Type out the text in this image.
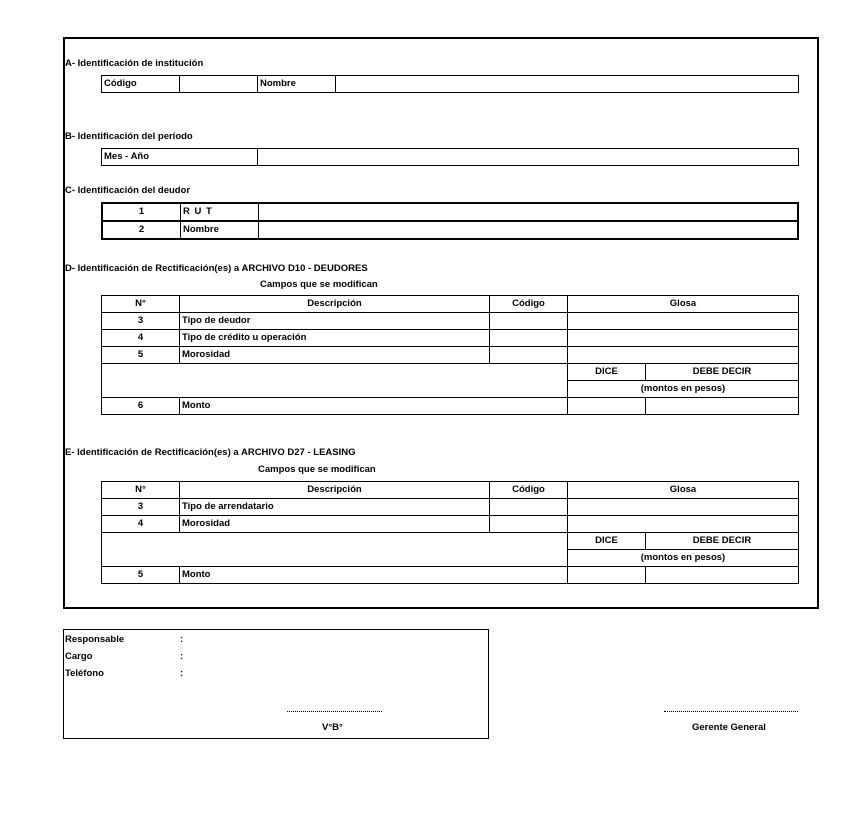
A- Identificación de institución
Código		Nombre	
B- Identificación del período
Mes - Año	
C- Identificación del deudor
1	R U T	
2	Nombre	
D- Identificación de Rectificación(es) a ARCHIVO D10 - DEUDORES
Campos que se modifican
N°	Descripción	Código	Glosa	
3	Tipo de deudor			
4	Tipo de crédito u operación			
5	Morosidad			
			DICE	DEBE DECIR
			(montos en pesos)	
6	Monto			
E- Identificación de Rectificación(es) a ARCHIVO D27 - LEASING
Campos que se modifican
N°	Descripción	Código	Glosa	
3	Tipo de arrendatario			
4	Morosidad			
			DICE	DEBE DECIR
			(montos en pesos)	
5	Monto			
Responsable	:
Cargo	:
Teléfono	:
V°B°	Gerente General
